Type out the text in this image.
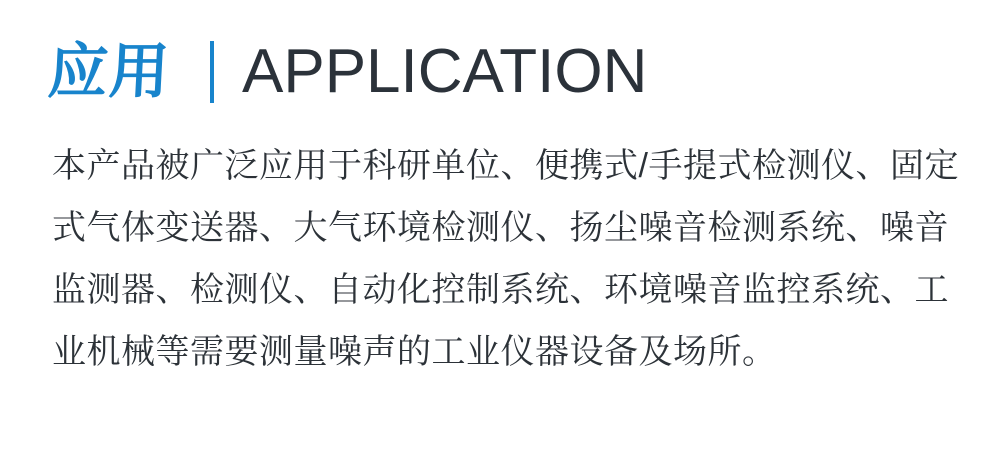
应用 APPLICATION
本产品被广泛应用于科研单位、便携式/手提式检测仪、固定
式气体变送器、大气环境检测仪、扬尘噪音检测系统、噪音
监测器、检测仪、自动化控制系统、环境噪音监控系统、工
业机械等需要测量噪声的工业仪器设备及场所。
